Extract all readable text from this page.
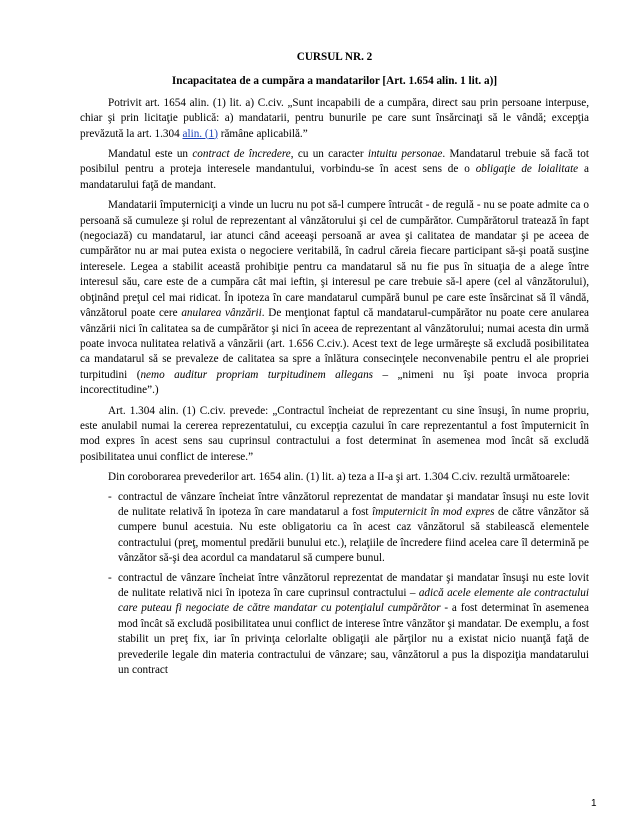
CURSUL NR. 2
Incapacitatea de a cumpăra a mandatarilor [Art. 1.654 alin. 1 lit. a)]

Potrivit art. 1654 alin. (1) lit. a) C.civ. „Sunt incapabili de a cumpăra, direct sau prin persoane interpuse, chiar şi prin licitaţie publică: a) mandatarii, pentru bunurile pe care sunt însărcinaţi să le vândă; excepţia prevăzută la art. 1.304 alin. (1) rămâne aplicabilă.”

Mandatul este un contract de încredere, cu un caracter intuitu personae. Mandatarul trebuie să facă tot posibilul pentru a proteja interesele mandantului, vorbindu-se în acest sens de o obligaţie de loialitate a mandatarului faţă de mandant.

Mandatarii împuterniciţi a vinde un lucru nu pot să-l cumpere întrucât - de regulă - nu se poate admite ca o persoană să cumuleze şi rolul de reprezentant al vânzătorului şi cel de cumpărător. Cumpărătorul tratează în fapt (negociază) cu mandatarul, iar atunci când aceeaşi persoană ar avea şi calitatea de mandatar şi pe aceea de cumpărător nu ar mai putea exista o negociere veritabilă, în cadrul căreia fiecare participant să-şi poată susţine interesele. Legea a stabilit această prohibiţie pentru ca mandatarul să nu fie pus în situaţia de a alege între interesul său, care este de a cumpăra cât mai ieftin, şi interesul pe care trebuie să-l apere (cel al vânzătorului), obţinând preţul cel mai ridicat. În ipoteza în care mandatarul cumpără bunul pe care este însărcinat să îl vândă, vânzătorul poate cere anularea vânzării. De menţionat faptul că mandatarul-cumpărător nu poate cere anularea vânzării nici în calitatea sa de cumpărător şi nici în aceea de reprezentant al vânzătorului; numai acesta din urmă poate invoca nulitatea relativă a vânzării (art. 1.656 C.civ.). Acest text de lege urmăreşte să excludă posibilitatea ca mandatarul să se prevaleze de calitatea sa spre a înlătura consecinţele neconvenabile pentru el ale propriei turpitudini (nemo auditur propriam turpitudinem allegans – „nimeni nu îşi poate invoca propria incorectitudine”.)

Art. 1.304 alin. (1) C.civ. prevede: „Contractul încheiat de reprezentant cu sine însuşi, în nume propriu, este anulabil numai la cererea reprezentatului, cu excepţia cazului în care reprezentantul a fost împuternicit în mod expres în acest sens sau cuprinsul contractului a fost determinat în asemenea mod încât să excludă posibilitatea unui conflict de interese.”

Din coroborarea prevederilor art. 1654 alin. (1) lit. a) teza a II-a şi art. 1.304 C.civ. rezultă următoarele:

- contractul de vânzare încheiat între vânzătorul reprezentat de mandatar şi mandatar însuşi nu este lovit de nulitate relativă în ipoteza în care mandatarul a fost împuternicit în mod expres de către vânzător să cumpere bunul acestuia. Nu este obligatoriu ca în acest caz vânzătorul să stabilească elementele contractului (preţ, momentul predării bunului etc.), relaţiile de încredere fiind acelea care îl determină pe vânzător să-şi dea acordul ca mandatarul să cumpere bunul.
- contractul de vânzare încheiat între vânzătorul reprezentat de mandatar şi mandatar însuşi nu este lovit de nulitate relativă nici în ipoteza în care cuprinsul contractului – adică acele elemente ale contractului care puteau fi negociate de către mandatar cu potenţialul cumpărător - a fost determinat în asemenea mod încât să excludă posibilitatea unui conflict de interese între vânzător şi mandatar. De exemplu, a fost stabilit un preţ fix, iar în privinţa celorlalte obligaţii ale părţilor nu a existat nicio nuanţă faţă de prevederile legale din materia contractului de vânzare; sau, vânzătorul a pus la dispoziţia mandatarului un contract
1
